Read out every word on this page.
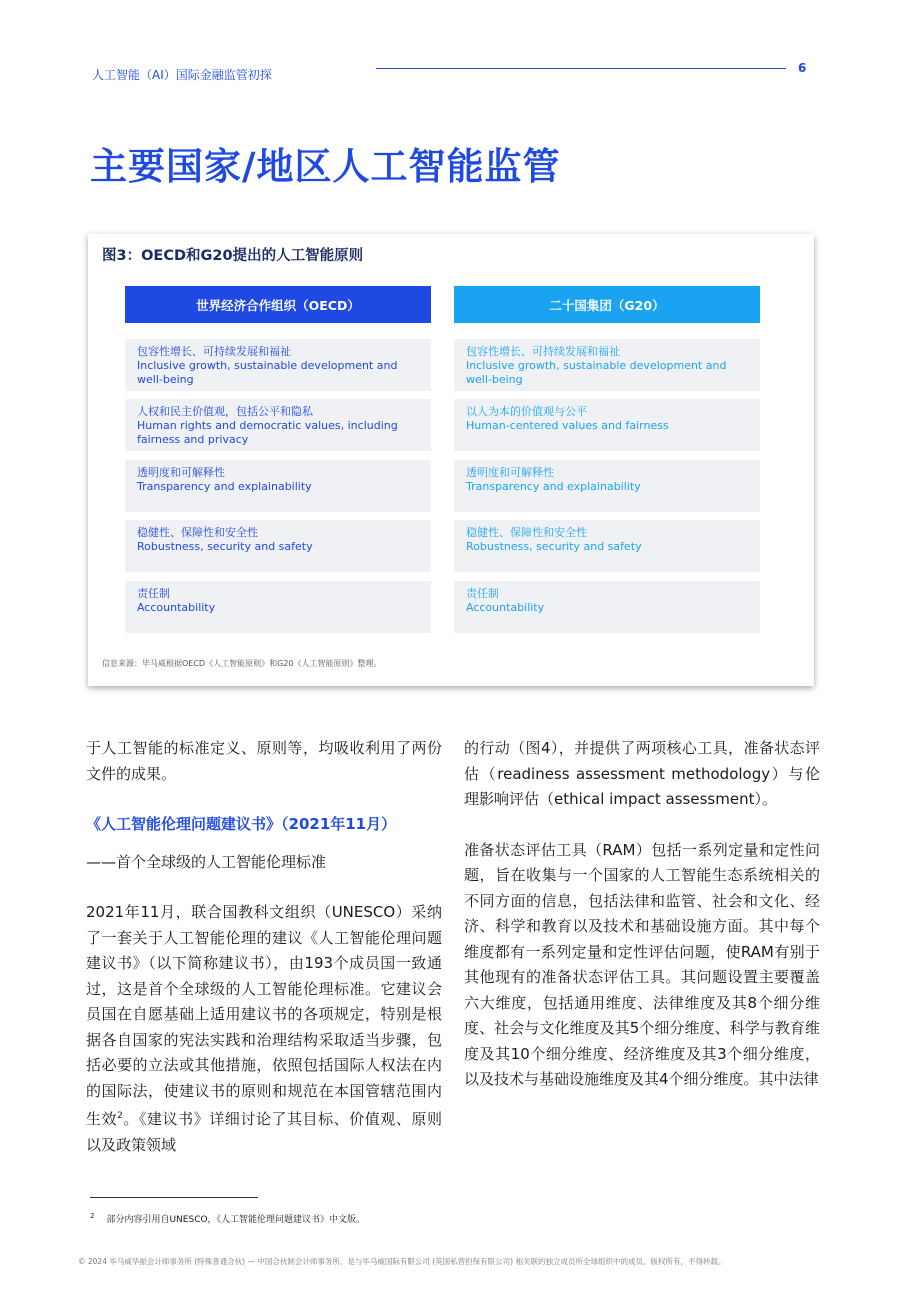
人工智能（AI）国际金融监管初探	6
主要国家/地区人工智能监管
图3：OECD和G20提出的人工智能原则
世界经济合作组织（OECD）
包容性增长、可持续发展和福祉
Inclusive growth, sustainable development and well-being
人权和民主价值观，包括公平和隐私
Human rights and democratic values, including fairness and privacy
透明度和可解释性
Transparency and explainability
稳健性、保障性和安全性
Robustness, security and safety
责任制
Accountability
二十国集团（G20）
包容性增长、可持续发展和福祉
Inclusive growth, sustainable development and well-being
以人为本的价值观与公平
Human-centered values and fairness
透明度和可解释性
Transparency and explainability
稳健性、保障性和安全性
Robustness, security and safety
责任制
Accountability
信息来源：毕马威根据OECD《人工智能原则》和G20《人工智能原则》整理。

于人工智能的标准定义、原则等，均吸收利用了两份文件的成果。

《人工智能伦理问题建议书》（2021年11月）

——首个全球级的人工智能伦理标准

2021年11月，联合国教科文组织（UNESCO）采纳了一套关于人工智能伦理的建议《人工智能伦理问题建议书》（以下简称建议书），由193个成员国一致通过，这是首个全球级的人工智能伦理标准。它建议会员国在自愿基础上适用建议书的各项规定，特别是根据各自国家的宪法实践和治理结构采取适当步骤，包括必要的立法或其他措施，依照包括国际人权法在内的国际法，使建议书的原则和规范在本国管辖范围内生效$^2$。《建议书》详细讨论了其目标、价值观、原则以及政策领域

的行动（图4），并提供了两项核心工具，准备状态评估（readiness assessment methodology）与伦理影响评估（ethical impact assessment）。

准备状态评估工具（RAM）包括一系列定量和定性问题，旨在收集与一个国家的人工智能生态系统相关的不同方面的信息，包括法律和监管、社会和文化、经济、科学和教育以及技术和基础设施方面。其中每个维度都有一系列定量和定性评估问题，使RAM有别于其他现有的准备状态评估工具。其问题设置主要覆盖六大维度，包括通用维度、法律维度及其8个细分维度、社会与文化维度及其5个细分维度、科学与教育维度及其10个细分维度、经济维度及其3个细分维度，以及技术与基础设施维度及其4个细分维度。其中法律

$^2$ 部分内容引用自UNESCO，《人工智能伦理问题建议书》中文版。
© 2024 毕马威华振会计师事务所 (特殊普通合伙) — 中国合伙制会计师事务所，是与毕马威国际有限公司 (英国私营担保有限公司) 相关联的独立成员所全球组织中的成员。版权所有，不得转载。
